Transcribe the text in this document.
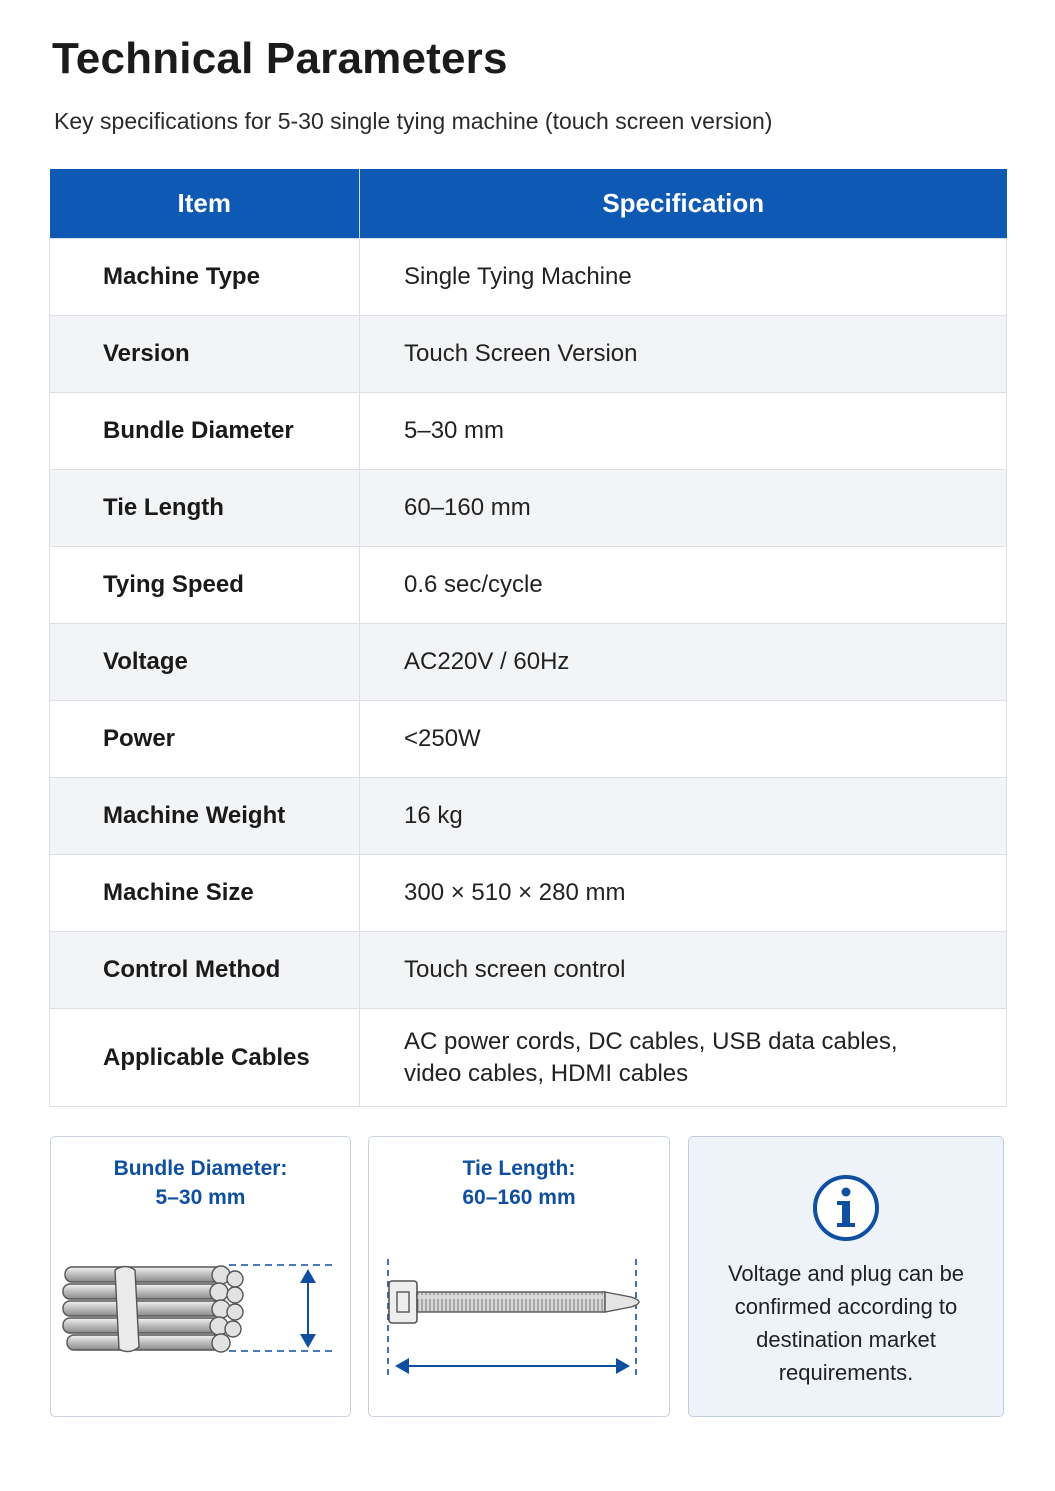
Technical Parameters

Key specifications for 5-30 single tying machine (touch screen version)

Item	Specification
Machine Type	Single Tying Machine
Version	Touch Screen Version
Bundle Diameter	5–30 mm
Tie Length	60–160 mm
Tying Speed	0.6 sec/cycle
Voltage	AC220V / 60Hz
Power	<250W
Machine Weight	16 kg
Machine Size	300 × 510 × 280 mm
Control Method	Touch screen control
Applicable Cables	AC power cords, DC cables, USB data cables,
video cables, HDMI cables
Bundle Diameter:
5–30 mm
Tie Length:
60–160 mm
Voltage and plug can be
confirmed according to
destination market
requirements.
